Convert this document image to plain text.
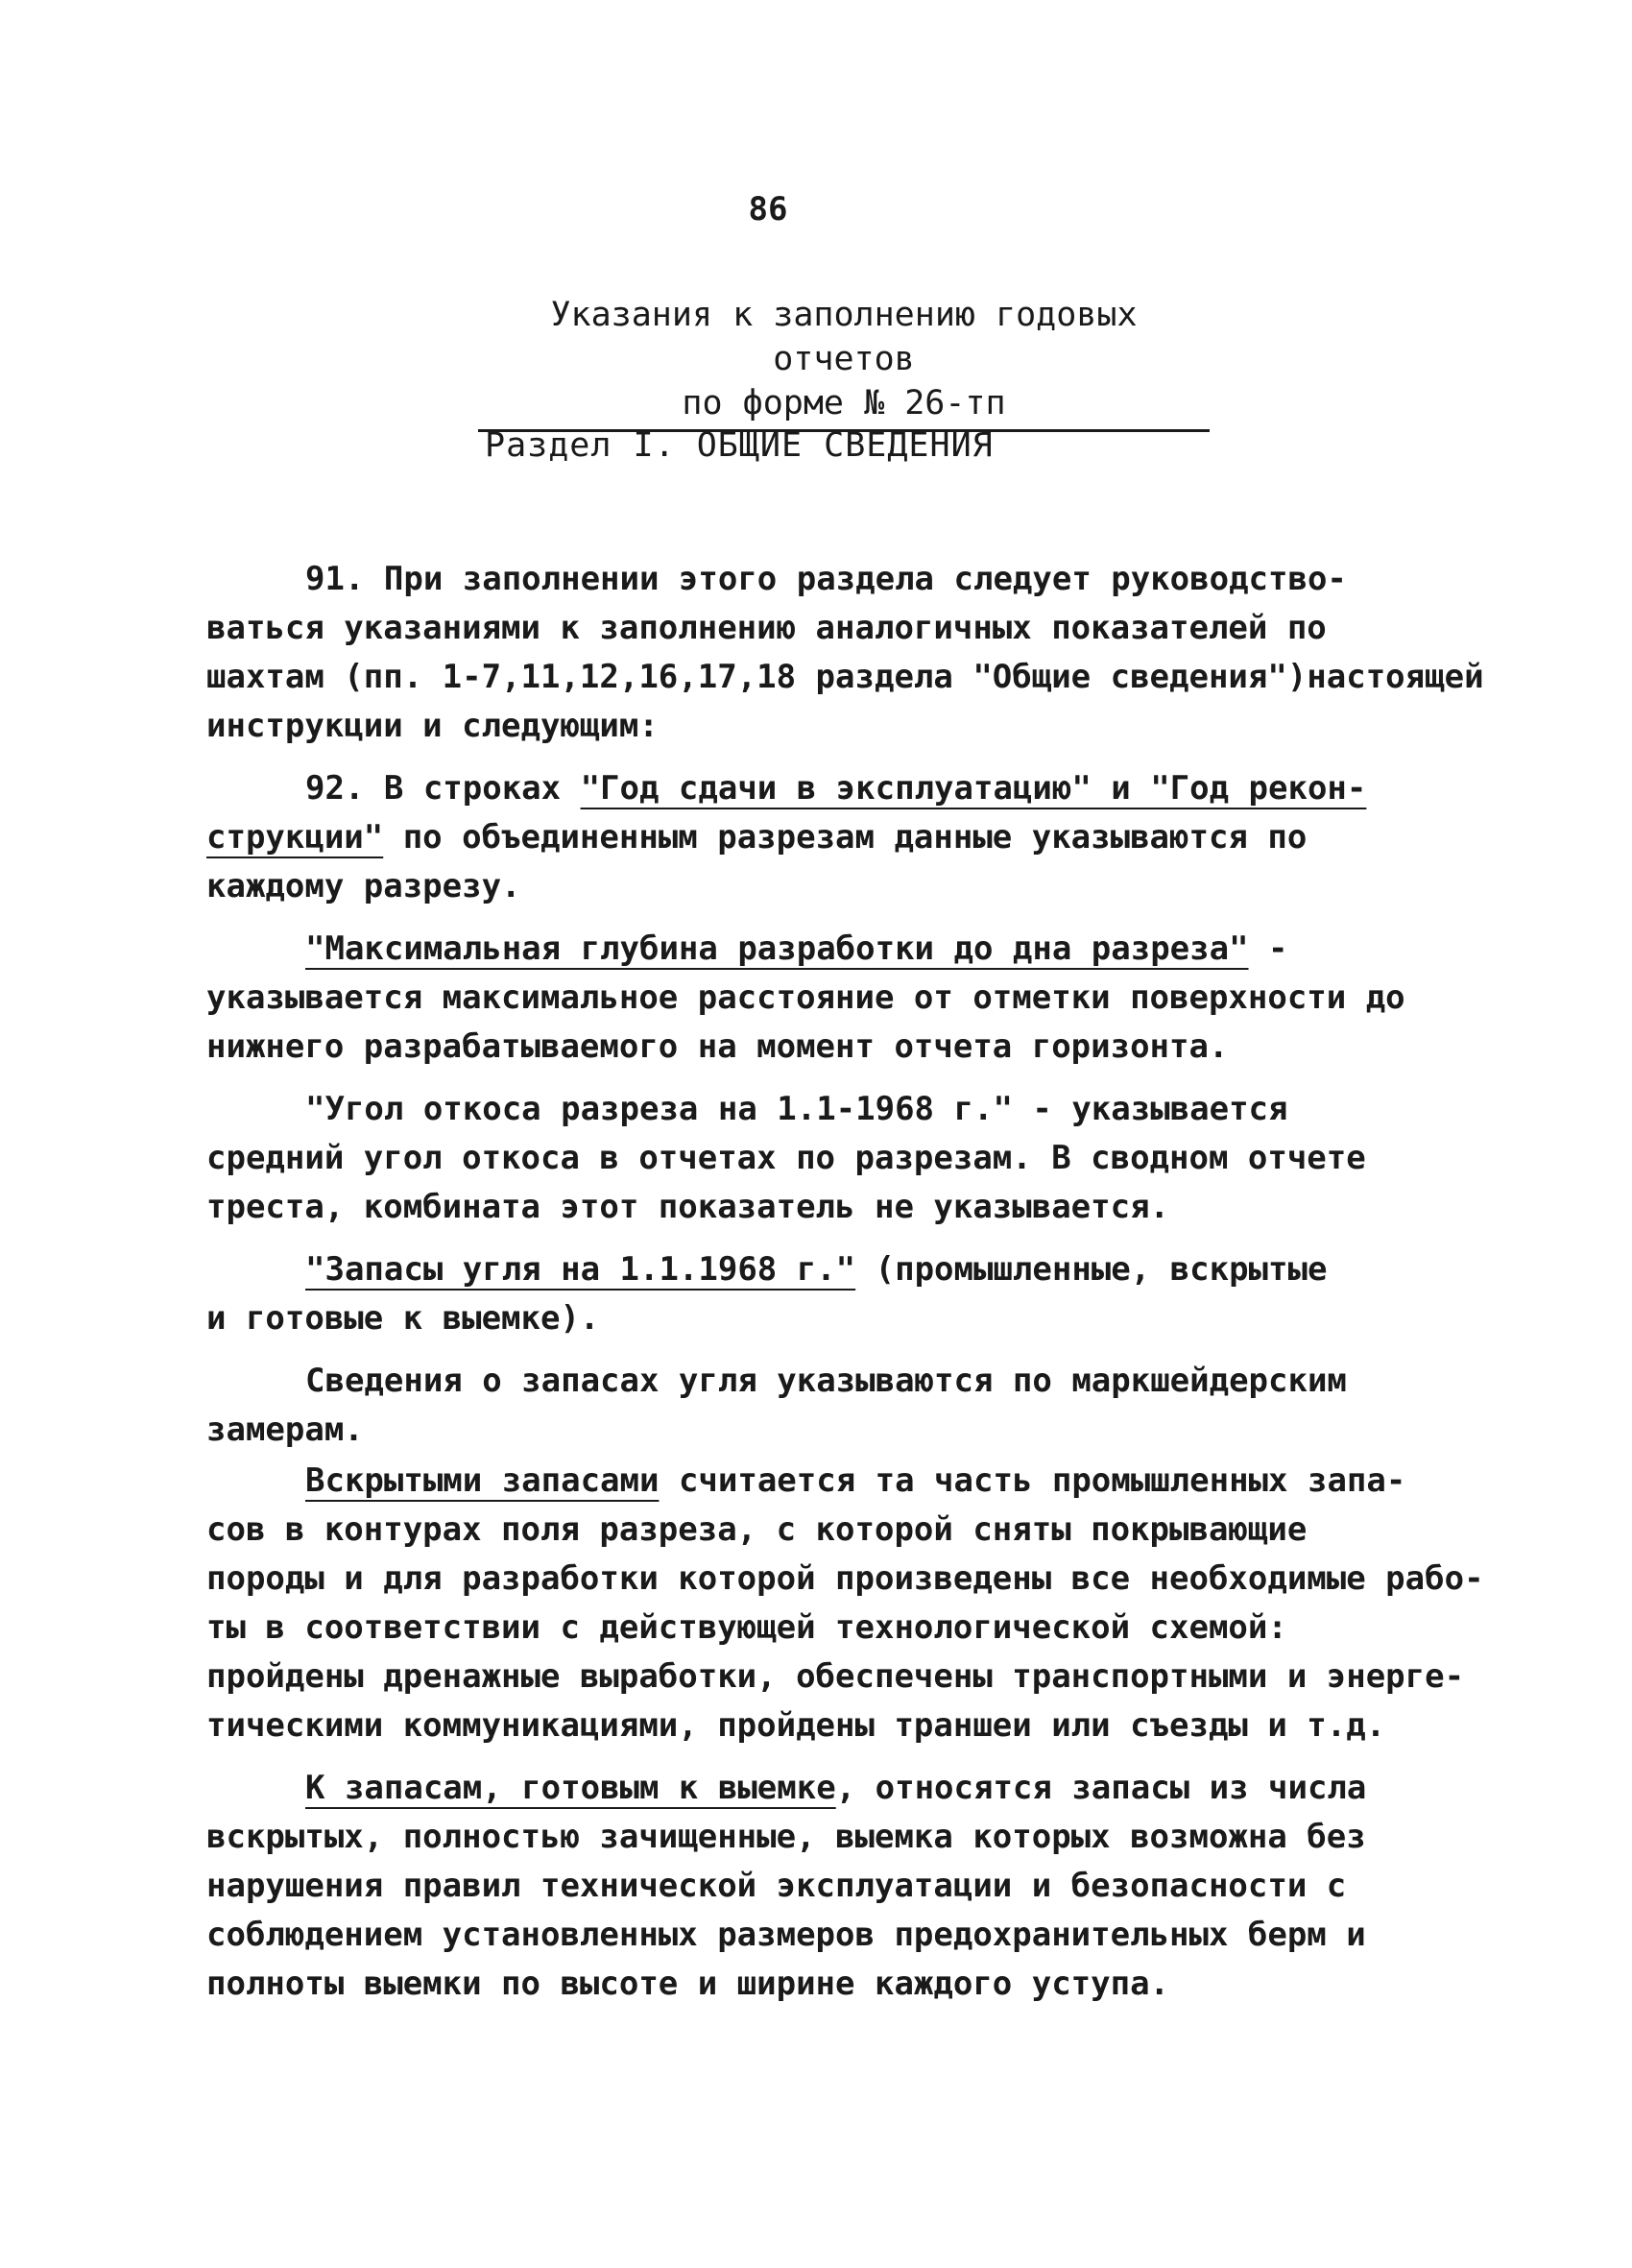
86
Указания к заполнению годовых отчетов
по форме № 26-тп
Раздел I. ОБЩИЕ СВЕДЕНИЯ

91. При заполнении этого раздела следует руководство-
ваться указаниями к заполнению аналогичных показателей по
шахтам (пп. 1-7,11,12,16,17,18 раздела "Общие сведения")настоящей
инструкции и следующим:

92. В строках "Год сдачи в эксплуатацию" и "Год рекон-
струкции" по объединенным разрезам данные указываются по
каждому разрезу.

"Максимальная глубина разработки до дна разреза" -
указывается максимальное расстояние от отметки поверхности до
нижнего разрабатываемого на момент отчета горизонта.

"Угол откоса разреза на 1.1-1968 г." - указывается
средний угол откоса в отчетах по разрезам. В сводном отчете
треста, комбината этот показатель не указывается.

"Запасы угля на 1.1.1968 г." (промышленные, вскрытые
и готовые к выемке).

Сведения о запасах угля указываются по маркшейдерским
замерам.

Вскрытыми запасами считается та часть промышленных запа-
сов в контурах поля разреза, с которой сняты покрывающие
породы и для разработки которой произведены все необходимые рабо-
ты в соответствии с действующей технологической схемой:
пройдены дренажные выработки, обеспечены транспортными и энерге-
тическими коммуникациями, пройдены траншеи или съезды и т.д.

К запасам, готовым к выемке, относятся запасы из числа
вскрытых, полностью зачищенные, выемка которых возможна без
нарушения правил технической эксплуатации и безопасности с
соблюдением установленных размеров предохранительных берм и
полноты выемки по высоте и ширине каждого уступа.
